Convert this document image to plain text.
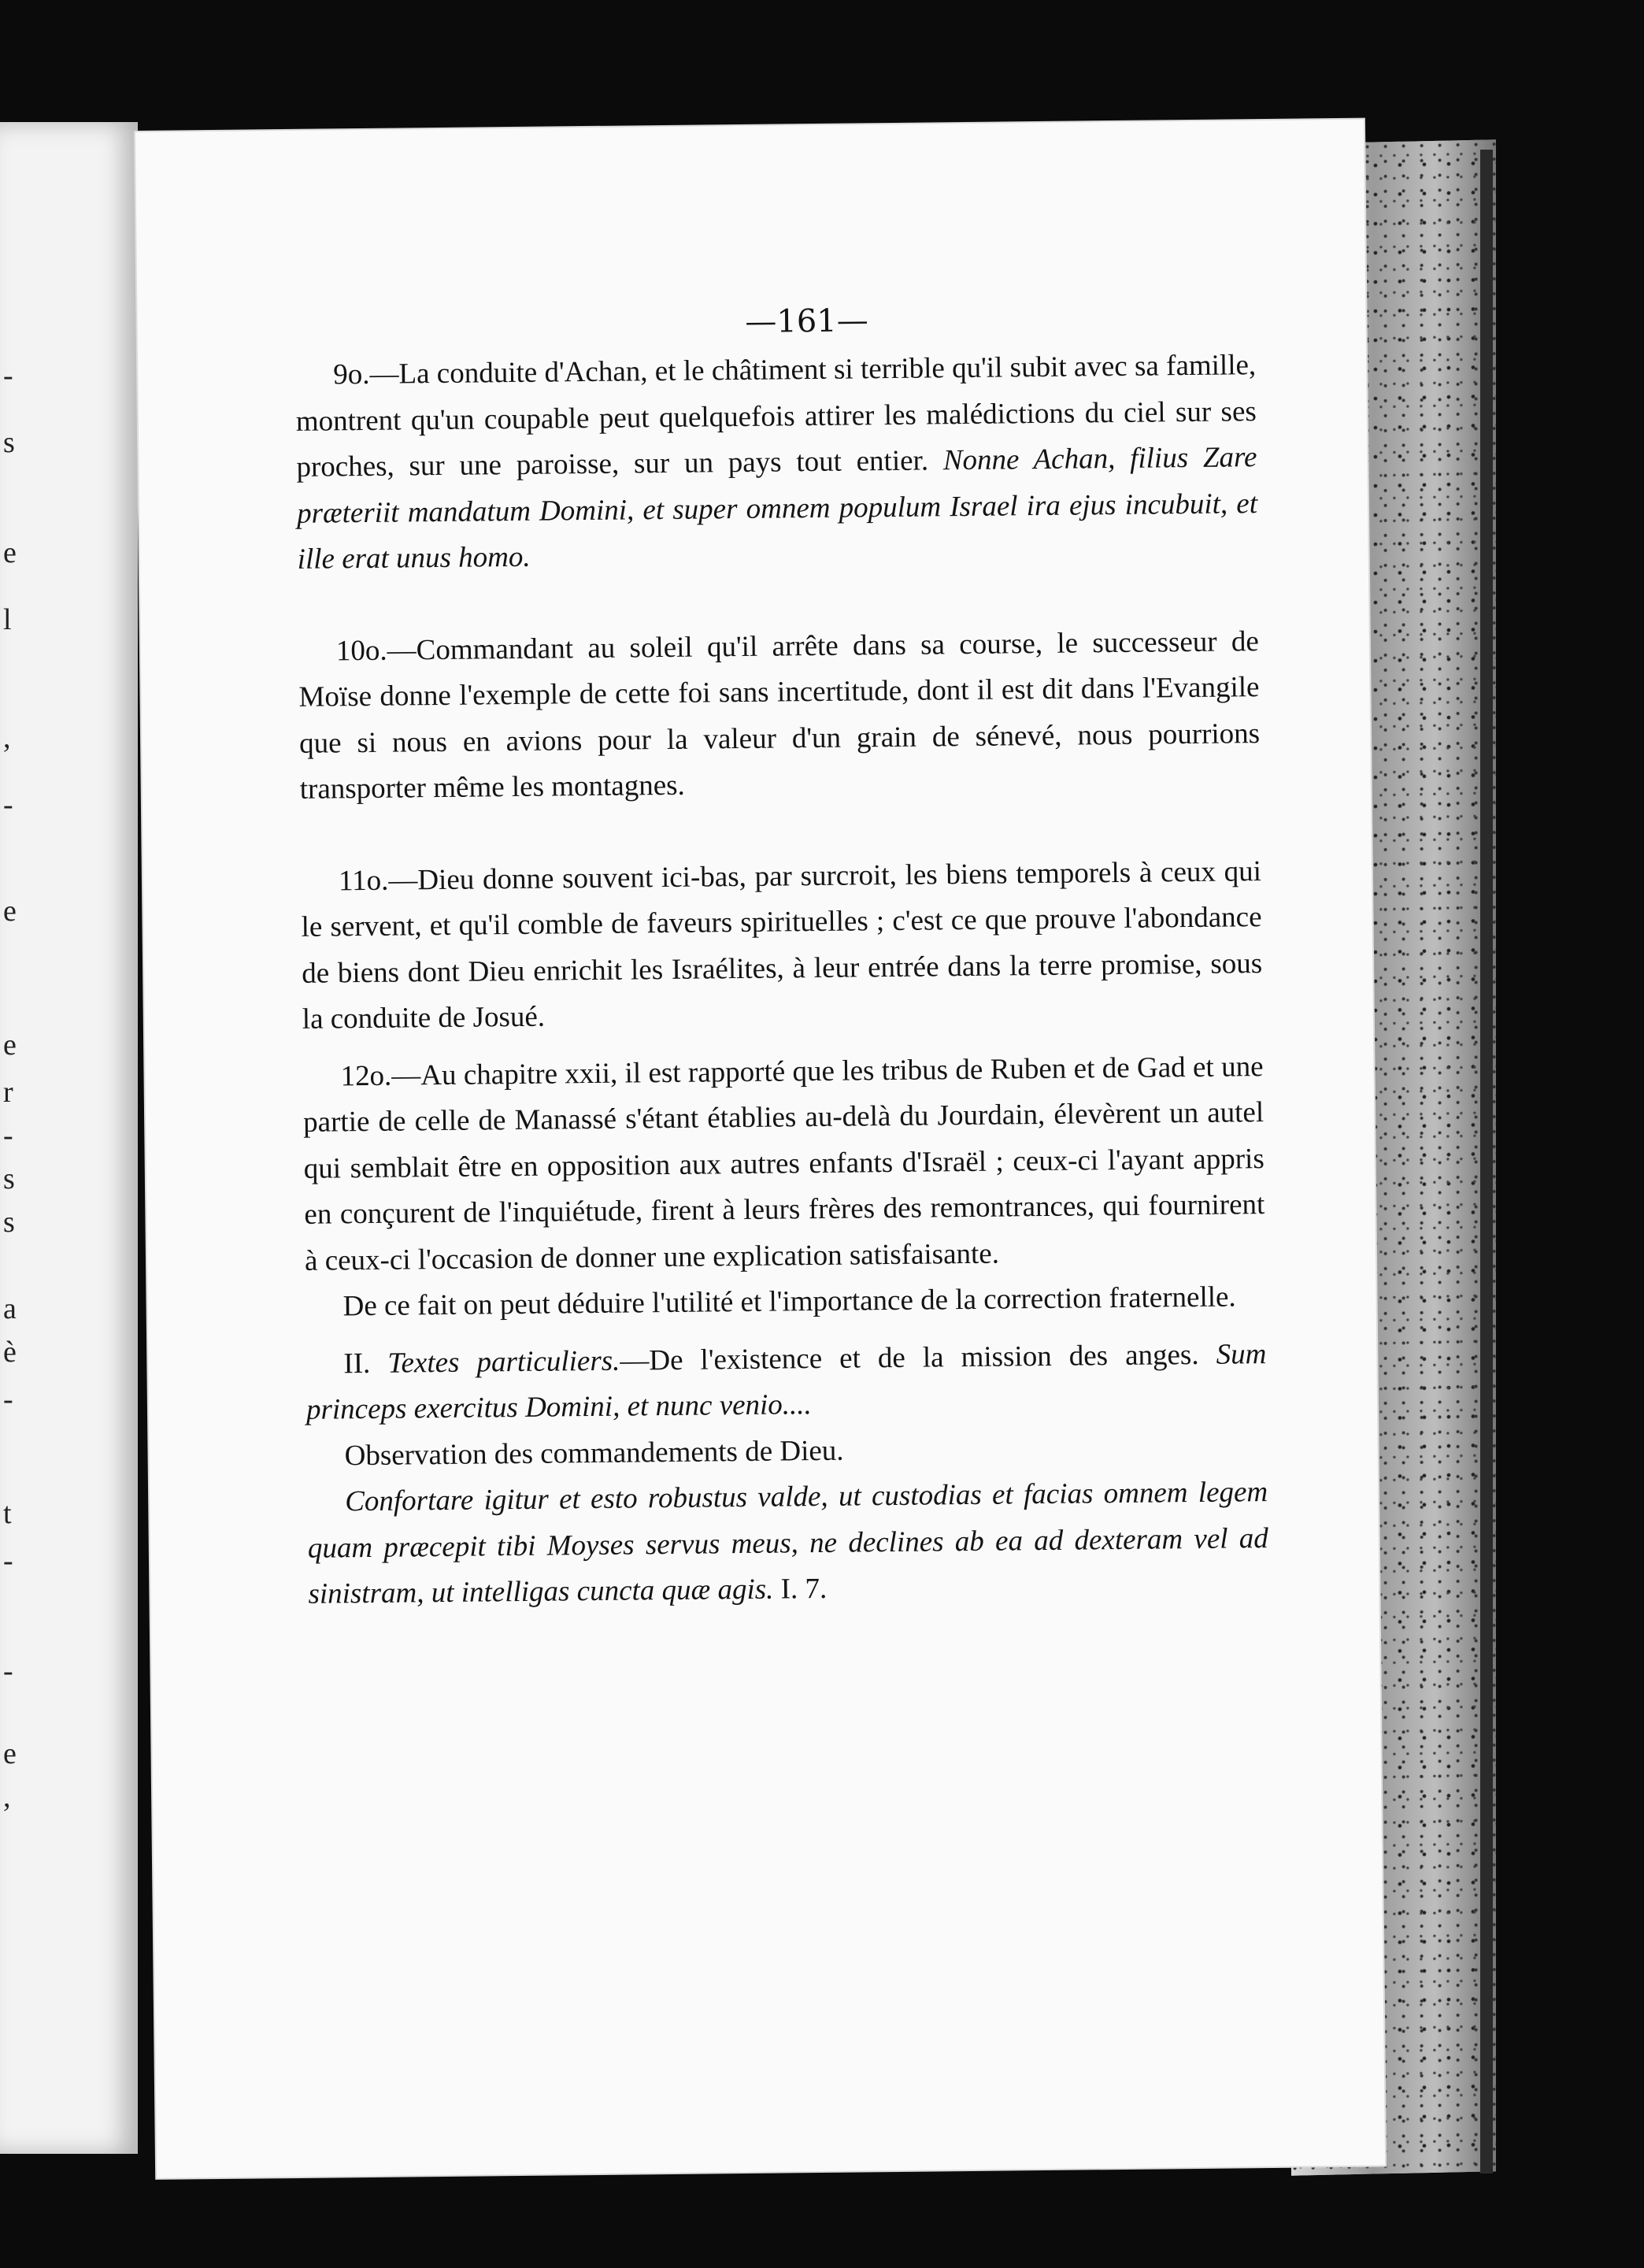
-
s
e
l
,
-
e
e
r
-
s
s
a
è
-
t
-
-
e
,
—161—

9o.—La conduite d'Achan, et le châtiment si terrible qu'il subit avec sa famille, montrent qu'un coupable peut quelquefois attirer les malédictions du ciel sur ses proches, sur une paroisse, sur un pays tout entier. Nonne Achan, filius Zare præteriit mandatum Domini, et super omnem populum Israel ira ejus incubuit, et ille erat unus homo.

10o.—Commandant au soleil qu'il arrête dans sa course, le successeur de Moïse donne l'exemple de cette foi sans incertitude, dont il est dit dans l'Evangile que si nous en avions pour la valeur d'un grain de sénevé, nous pourrions transporter même les montagnes.

11o.—Dieu donne souvent ici-bas, par surcroit, les biens temporels à ceux qui le servent, et qu'il comble de faveurs spirituelles ; c'est ce que prouve l'abondance de biens dont Dieu enrichit les Israélites, à leur entrée dans la terre promise, sous la conduite de Josué.

12o.—Au chapitre xxii, il est rapporté que les tribus de Ruben et de Gad et une partie de celle de Manassé s'étant établies au-delà du Jourdain, élevèrent un autel qui semblait être en opposition aux autres enfants d'Israël ; ceux-ci l'ayant appris en conçurent de l'inquiétude, firent à leurs frères des remontrances, qui fournirent à ceux-ci l'occasion de donner une explication satisfaisante.

De ce fait on peut déduire l'utilité et l'importance de la correction fraternelle.

II. Textes particuliers.—De l'existence et de la mission des anges. Sum princeps exercitus Domini, et nunc venio....

Observation des commandements de Dieu.

Confortare igitur et esto robustus valde, ut custodias et facias omnem legem quam præcepit tibi Moyses servus meus, ne declines ab ea ad dexteram vel ad sinistram, ut intelligas cuncta quæ agis. I. 7.
